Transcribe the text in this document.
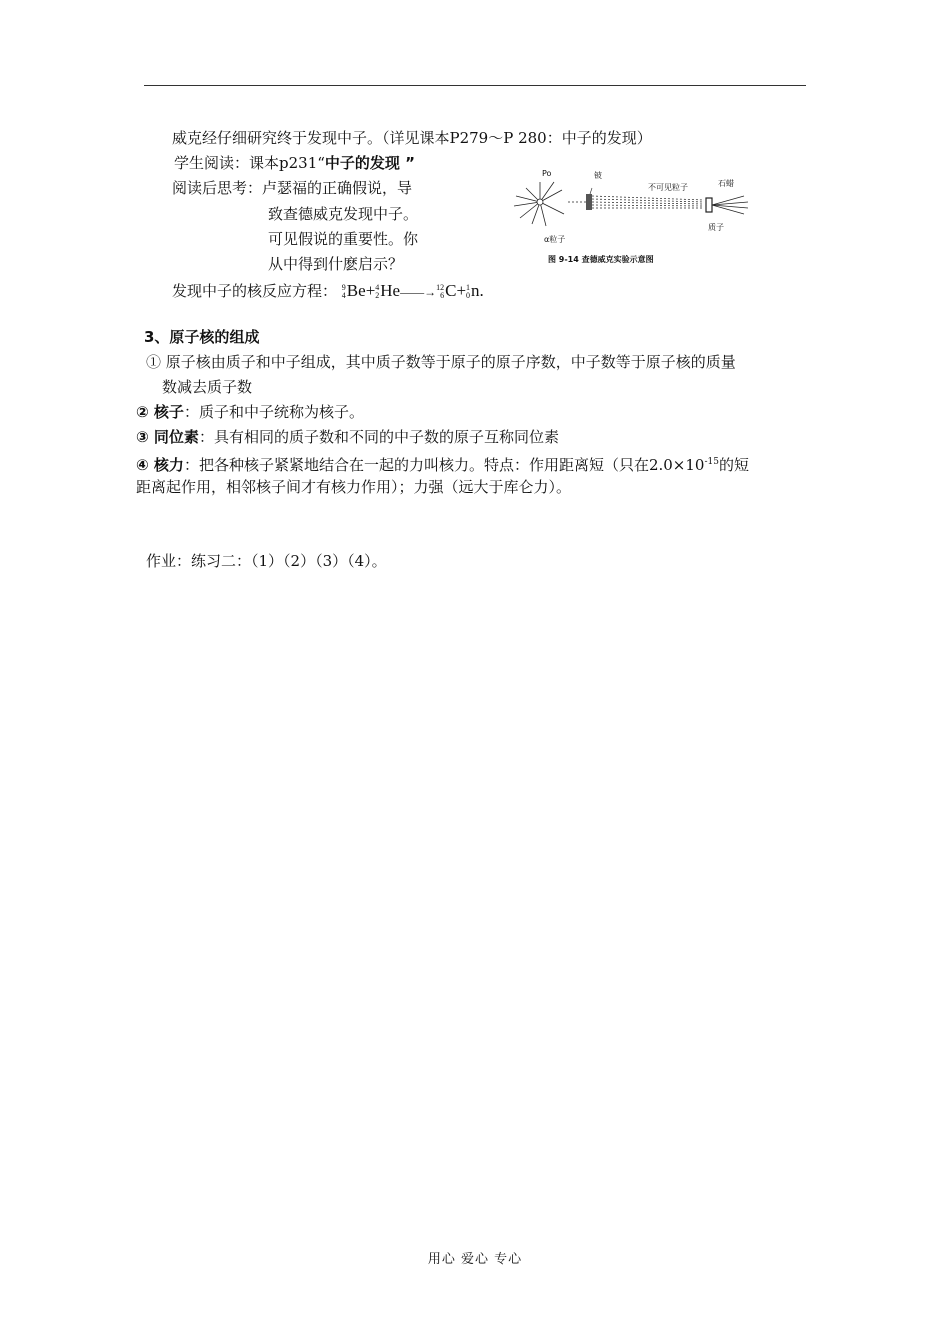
威克经仔细研究终于发现中子。（详见课本P279～P 280：中子的发现）
学生阅读：课本p231“中子的发现 ”
阅读后思考：卢瑟福的正确假说，导
致查德威克发现中子。
可见假说的重要性。你
从中得到什麽启示？
发现中子的核反应方程： 9
4 Be+ 4
2 He——→ 12
6 C+ 1
0 n.
Po	铍
不可见粒子	石蜡
质子
α粒子
图 9-14 查德威克实验示意图
3、原子核的组成
① 原子核由质子和中子组成，其中质子数等于原子的原子序数，中子数等于原子核的质量
数减去质子数
② 核子：质子和中子统称为核子。
③ 同位素：具有相同的质子数和不同的中子数的原子互称同位素
④ 核力：把各种核子紧紧地结合在一起的力叫核力。特点：作用距离短（只在$2.0\times 10^{-15}$的短
距离起作用，相邻核子间才有核力作用）；力强（远大于库仑力）。
作业：练习二：（1）（2）（3）（4）。
用心 爱心 专心
